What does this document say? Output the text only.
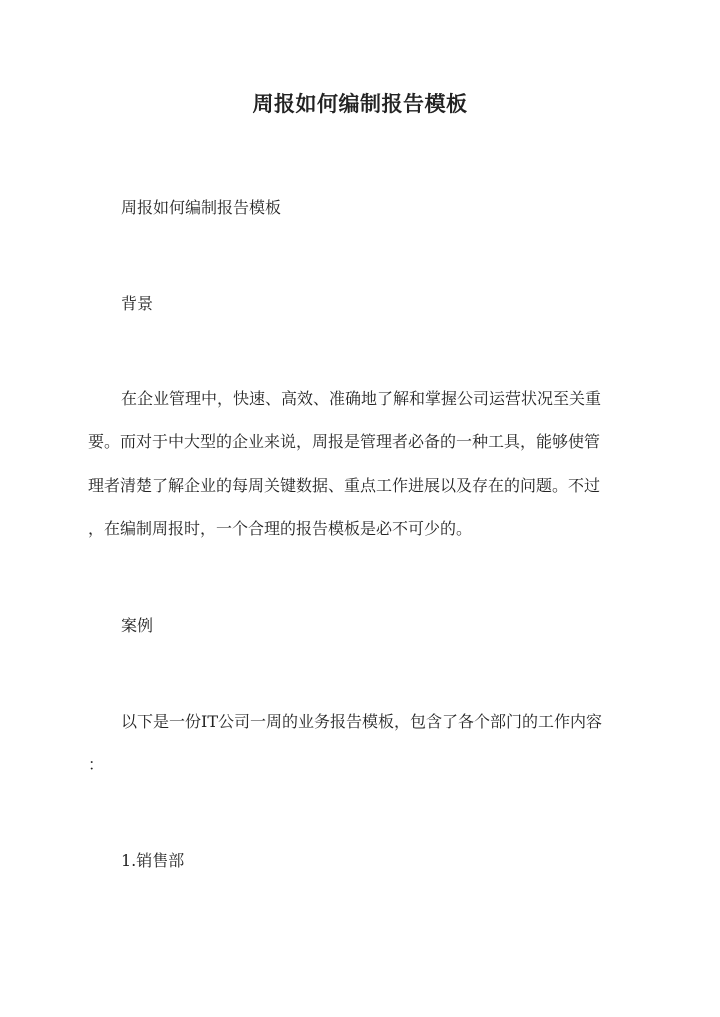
周报如何编制报告模板
周报如何编制报告模板
背景
在企业管理中，快速、高效、准确地了解和掌握公司运营状况至关重
要。而对于中大型的企业来说，周报是管理者必备的一种工具，能够使管
理者清楚了解企业的每周关键数据、重点工作进展以及存在的问题。不过
，在编制周报时，一个合理的报告模板是必不可少的。
案例
以下是一份IT公司一周的业务报告模板，包含了各个部门的工作内容
：
1.销售部
